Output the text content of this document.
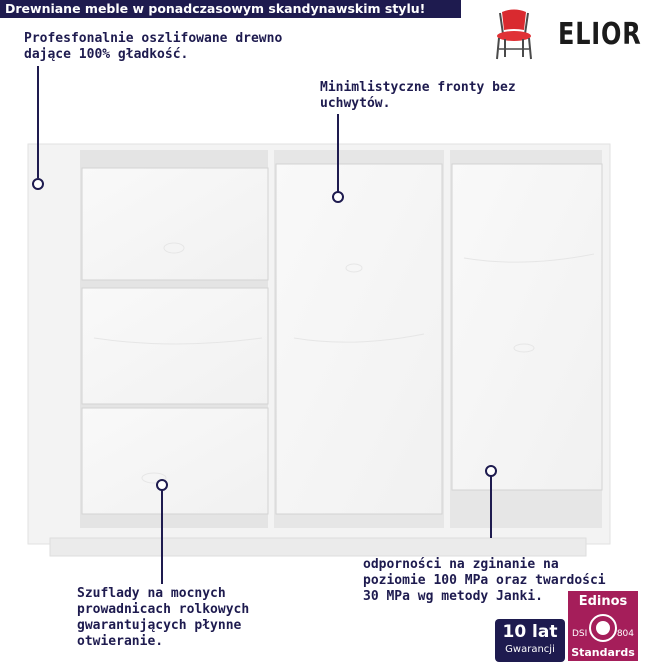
Drewniane meble w ponadczasowym skandynawskim stylu!
ELIOR
Profesfonalnie oszlifowane drewno
dające 100% gładkość.
Minimlistyczne fronty bez
uchwytów.

odporności na zginanie na
poziomie 100 MPa oraz twardości
30 MPa wg metody Janki.
Szuflady na mocnych
prowadnicach rolkowych
gwarantujących płynne
otwieranie.	10 lat
Gwarancji
Edinos
DSI	804
Standards
